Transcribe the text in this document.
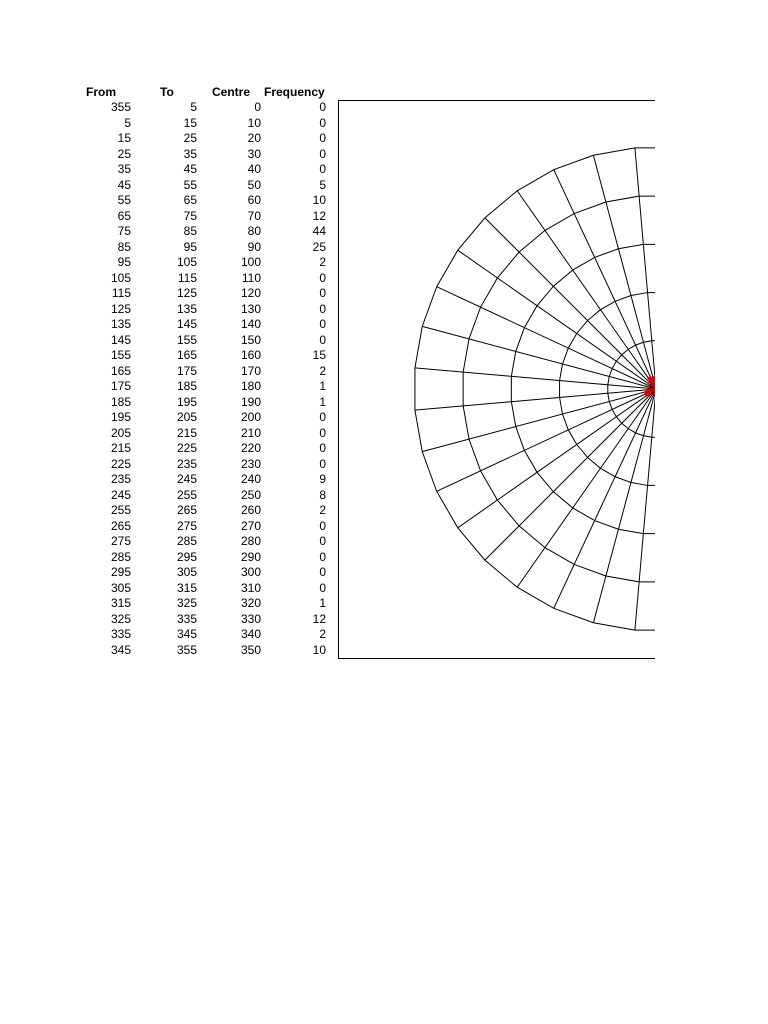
From	To	Centre Frequency
355	5	0	0
5	15	10	0
15	25	20	0
25	35	30	0
35	45	40	0
45	55	50	5
55	65	60	10
65	75	70	12
75	85	80	44
85	95	90	25
95	105	100	2
105	115	110	0
115	125	120	0
125	135	130	0
135	145	140	0
145	155	150	0
155	165	160	15
165	175	170	2
175	185	180	1
185	195	190	1
195	205	200	0
205	215	210	0
215	225	220	0
225	235	230	0
235	245	240	9
245	255	250	8
255	265	260	2
265	275	270	0
275	285	280	0
285	295	290	0
295	305	300	0
305	315	310	0
315	325	320	1
325	335	330	12
335	345	340	2
345	355	350	10
